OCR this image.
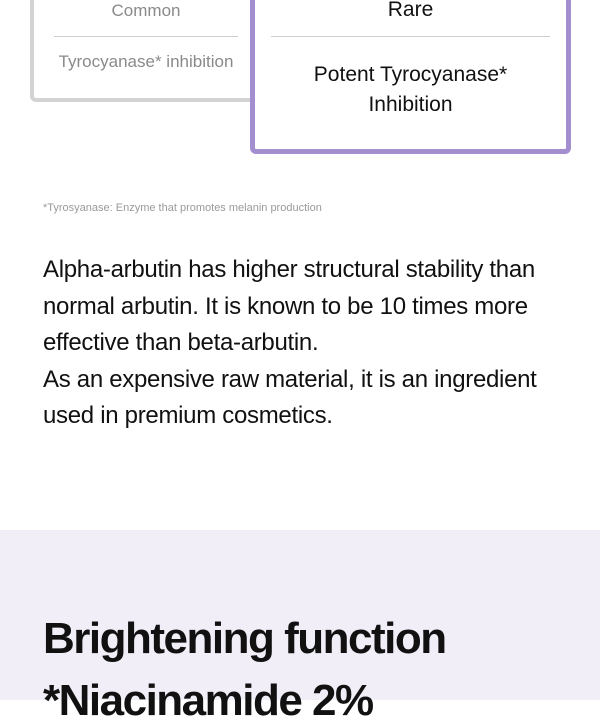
Common
Tyrocyanase* inhibition
Rare
Potent Tyrocyanase*
Inhibition
*Tyrosyanase: Enzyme that promotes melanin production

Alpha-arbutin has higher structural stability than normal arbutin. It is known to be 10 times more effective than beta-arbutin.

As an expensive raw material, it is an ingredient used in premium cosmetics.

Brightening function
*Niacinamide 2%
